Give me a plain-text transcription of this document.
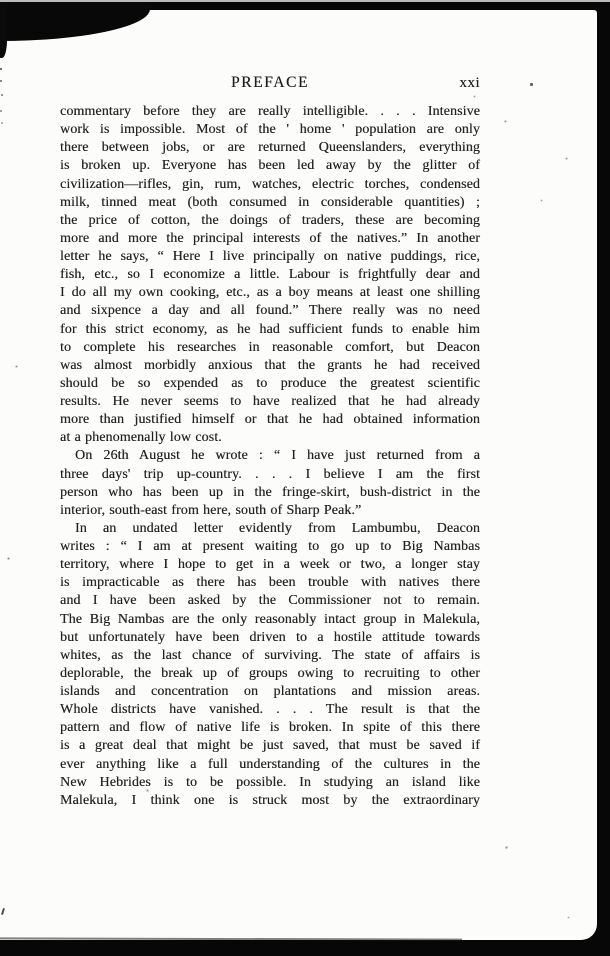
PREFACE	xxi
commentary before they are really intelligible. . . . Intensive
work is impossible. Most of the ' home ' population are only
there between jobs, or are returned Queenslanders, everything
is broken up. Everyone has been led away by the glitter of
civilization—rifles, gin, rum, watches, electric torches, condensed
milk, tinned meat (both consumed in considerable quantities) ;
the price of cotton, the doings of traders, these are becoming
more and more the principal interests of the natives.” In another
letter he says, “ Here I live principally on native puddings, rice,
fish, etc., so I economize a little. Labour is frightfully dear and
I do all my own cooking, etc., as a boy means at least one shilling
and sixpence a day and all found.” There really was no need
for this strict economy, as he had sufficient funds to enable him
to complete his researches in reasonable comfort, but Deacon
was almost morbidly anxious that the grants he had received
should be so expended as to produce the greatest scientific
results. He never seems to have realized that he had already
more than justified himself or that he had obtained information
at a phenomenally low cost.
On 26th August he wrote : “ I have just returned from a
three days' trip up-country. . . . I believe I am the first
person who has been up in the fringe-skirt, bush-district in the
interior, south-east from here, south of Sharp Peak.”
In an undated letter evidently from Lambumbu, Deacon
writes : “ I am at present waiting to go up to Big Nambas
territory, where I hope to get in a week or two, a longer stay
is impracticable as there has been trouble with natives there
and I have been asked by the Commissioner not to remain.
The Big Nambas are the only reasonably intact group in Malekula,
but unfortunately have been driven to a hostile attitude towards
whites, as the last chance of surviving. The state of affairs is
deplorable, the break up of groups owing to recruiting to other
islands and concentration on plantations and mission areas.
Whole districts have vanished. . . . The result is that the
pattern and flow of native life is broken. In spite of this there
is a great deal that might be just saved, that must be saved if
ever anything like a full understanding of the cultures in the
New Hebrides is to be possible. In studying an island like
Malekula, I think one is struck most by the extraordinary
